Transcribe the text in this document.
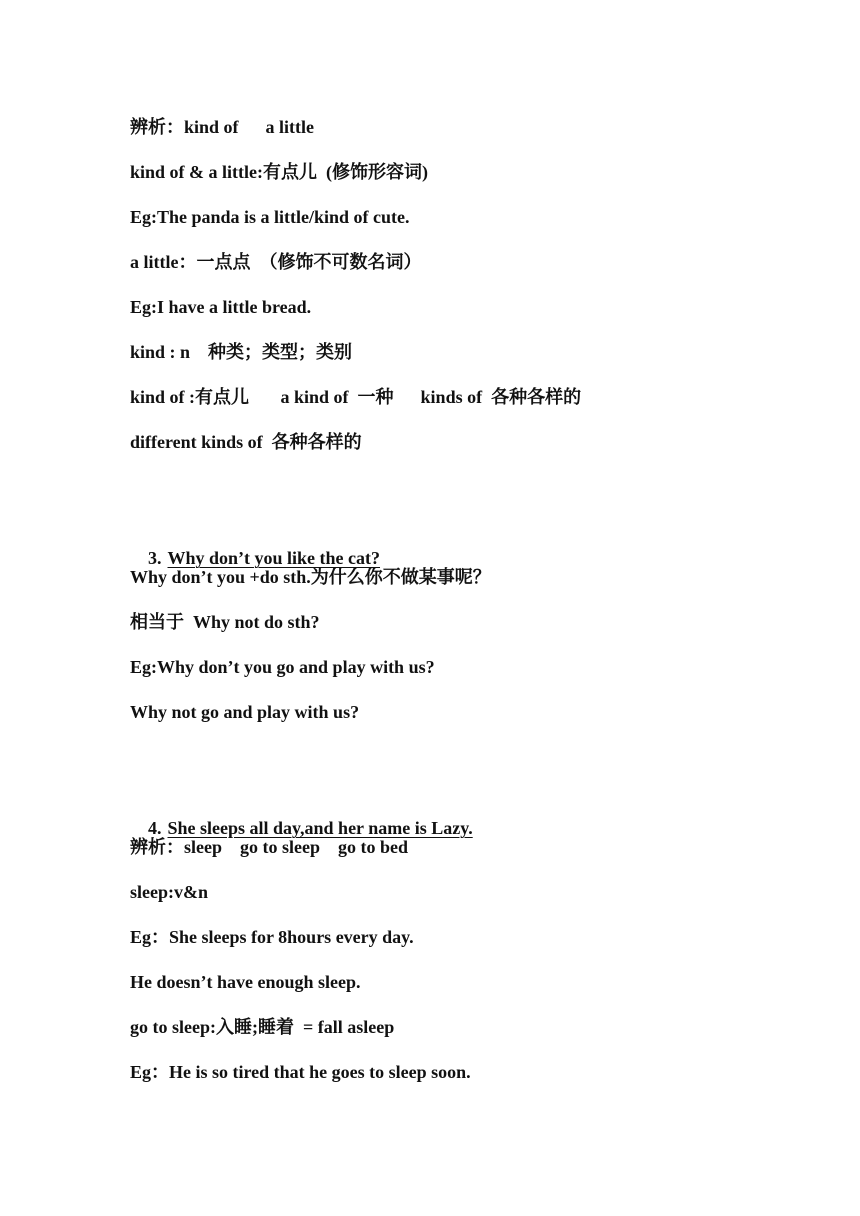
辨析：kind of      a little
kind of & a little:有点儿  (修饰形容词)
Eg:The panda is a little/kind of cute.
a little：一点点  （修饰不可数名词）
Eg:I have a little bread.
kind : n    种类；类型；类别
kind of :有点儿       a kind of  一种      kinds of  各种各样的
different kinds of  各种各样的

3. Why don’t you like the cat?

Why don’t you +do sth.为什么你不做某事呢？
相当于  Why not do sth?
Eg:Why don’t you go and play with us?
Why not go and play with us?

4. She sleeps all day,and her name is Lazy.

辨析：sleep    go to sleep    go to bed
sleep:v&n
Eg：She sleeps for 8hours every day.
He doesn’t have enough sleep.
go to sleep:入睡;睡着  = fall asleep
Eg：He is so tired that he goes to sleep soon.
